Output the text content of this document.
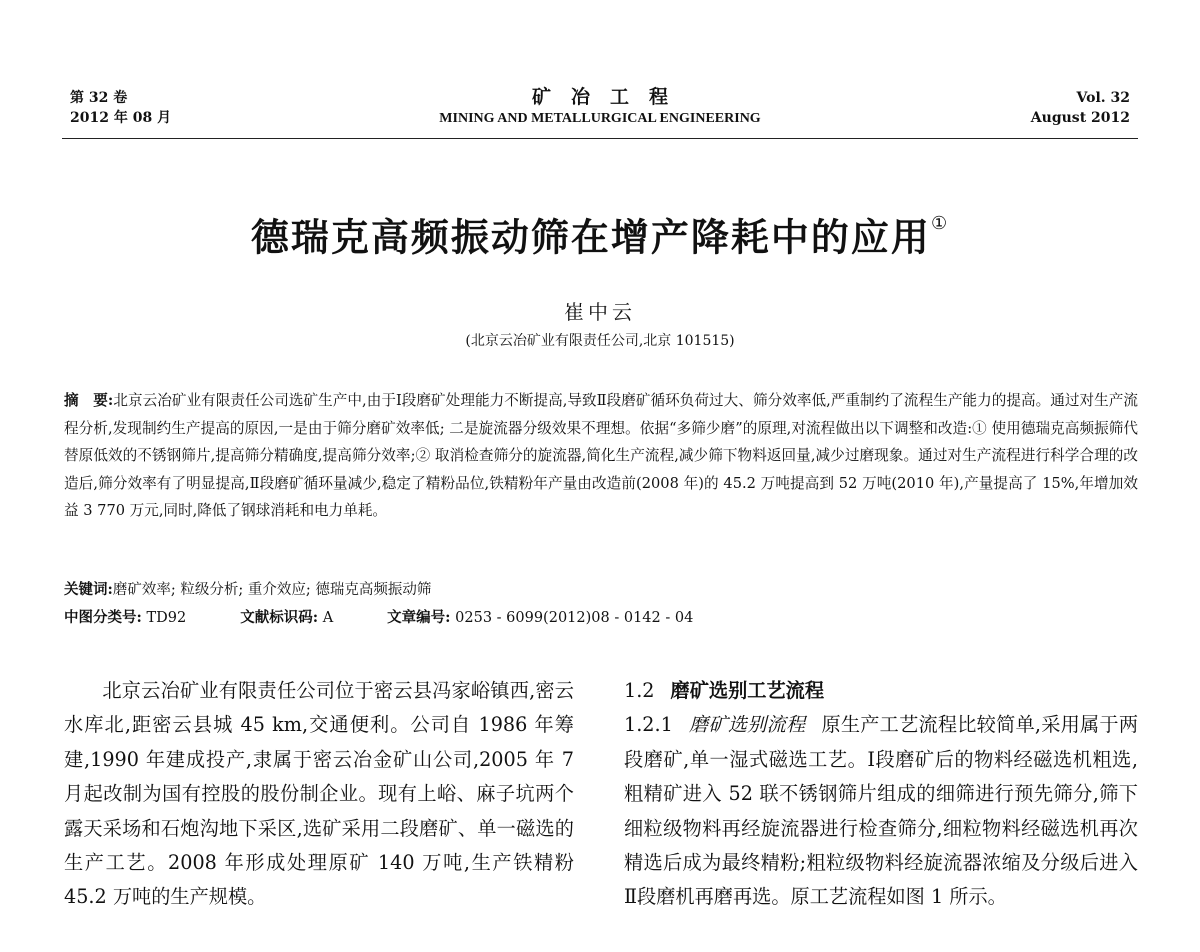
第 32 卷
2012 年 08 月
矿冶工程
MINING AND METALLURGICAL ENGINEERING
Vol. 32
August 2012
德瑞克高频振动筛在增产降耗中的应用①
崔中云
(北京云冶矿业有限责任公司,北京 101515)
摘　要:北京云冶矿业有限责任公司选矿生产中,由于Ⅰ段磨矿处理能力不断提高,导致Ⅱ段磨矿循环负荷过大、筛分效率低,严重制约了流程生产能力的提高。通过对生产流程分析,发现制约生产提高的原因,一是由于筛分磨矿效率低; 二是旋流器分级效果不理想。依据“多筛少磨”的原理,对流程做出以下调整和改造:① 使用德瑞克高频振筛代替原低效的不锈钢筛片,提高筛分精确度,提高筛分效率;② 取消检查筛分的旋流器,简化生产流程,减少筛下物料返回量,减少过磨现象。通过对生产流程进行科学合理的改造后,筛分效率有了明显提高,Ⅱ段磨矿循环量减少,稳定了精粉品位,铁精粉年产量由改造前(2008 年)的 45.2 万吨提高到 52 万吨(2010 年),产量提高了 15%,年增加效益 3 770 万元,同时,降低了钢球消耗和电力单耗。
关键词:磨矿效率; 粒级分析; 重介效应; 德瑞克高频振动筛
中图分类号: TD92	文献标识码: A	文章编号: 0253 - 6099(2012)08 - 0142 - 04

北京云冶矿业有限责任公司位于密云县冯家峪镇西,密云水库北,距密云县城 45 km,交通便利。公司自 1986 年筹建,1990 年建成投产,隶属于密云冶金矿山公司,2005 年 7 月起改制为国有控股的股份制企业。现有上峪、麻子坑两个露天采场和石炮沟地下采区,选矿采用二段磨矿、单一磁选的生产工艺。2008 年形成处理原矿 140 万吨,生产铁精粉 45.2 万吨的生产规模。

1.2 磨矿选别工艺流程

1.2.1 磨矿选别流程 原生产工艺流程比较简单,采用属于两段磨矿,单一湿式磁选工艺。Ⅰ段磨矿后的物料经磁选机粗选,粗精矿进入 52 联不锈钢筛片组成的细筛进行预先筛分,筛下细粒级物料再经旋流器进行检查筛分,细粒物料经磁选机再次精选后成为最终精粉;粗粒级物料经旋流器浓缩及分级后进入Ⅱ段磨机再磨再选。原工艺流程如图 1 所示。
